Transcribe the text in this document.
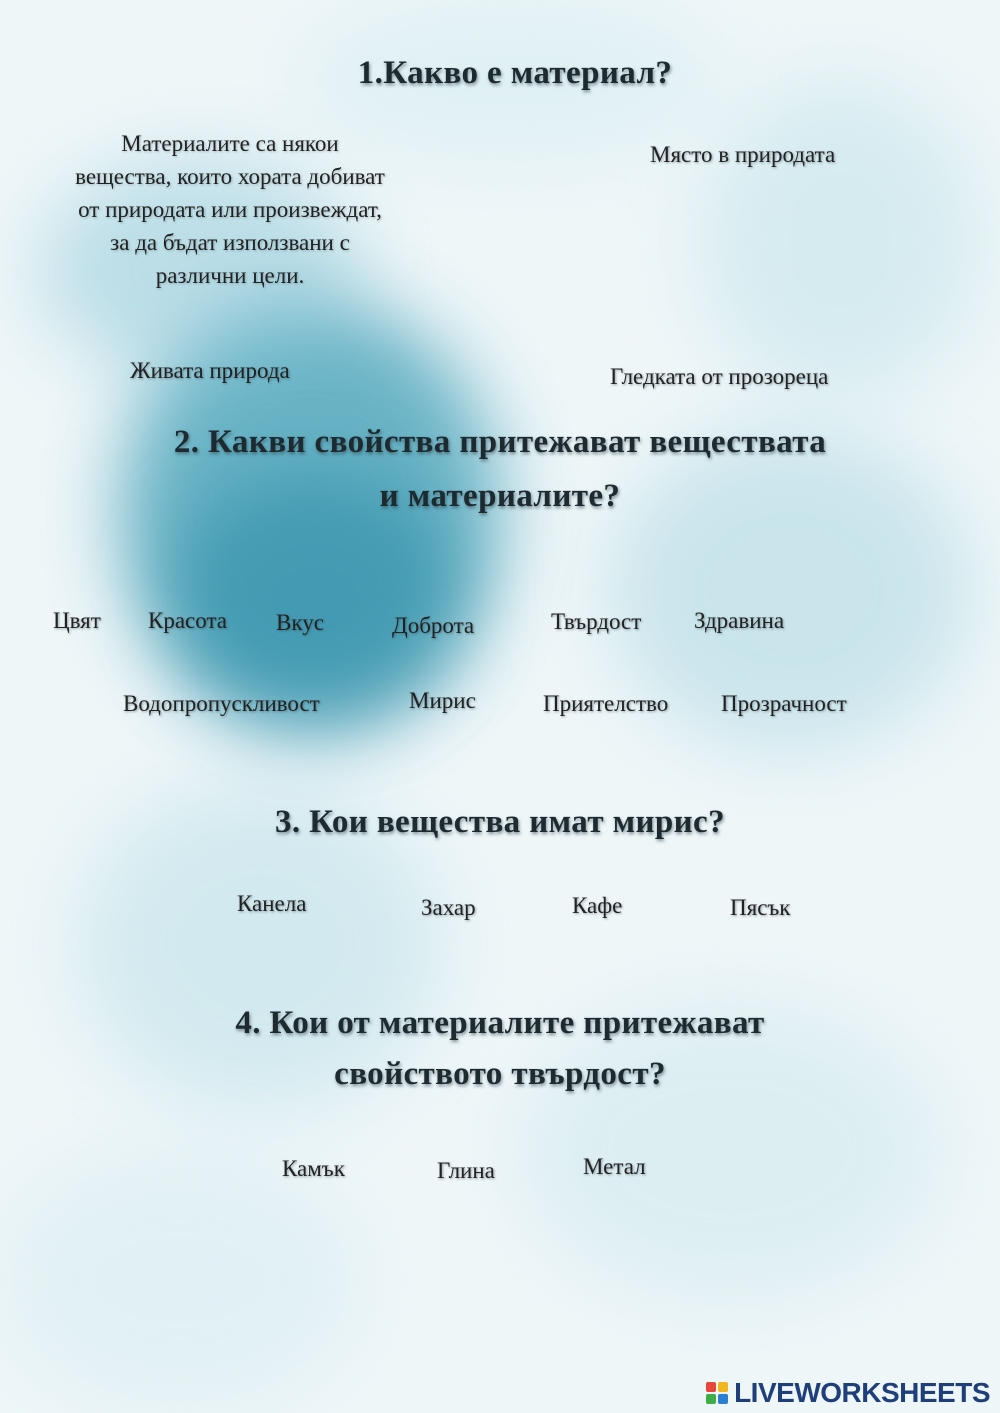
1.Какво е материал?
Материалите са някои
вещества, които хората добиват
от природата или произвеждат,
за да бъдат използвани с
различни цели.
Място в природата
Живата природа	Гледката от прозореца
2. Какви свойства притежават веществата
и материалите?
Цвят Красота Вкус	Доброта	Твърдост Здравина
Водопропускливост	Мирис	Приятелство Прозрачност
3. Кои вещества имат мирис?
Канела	Захар	Кафе	Пясък
4. Кои от материалите притежават
свойството твърдост?
Камък	Глина	Метал
LIVEWORKSHEETS
